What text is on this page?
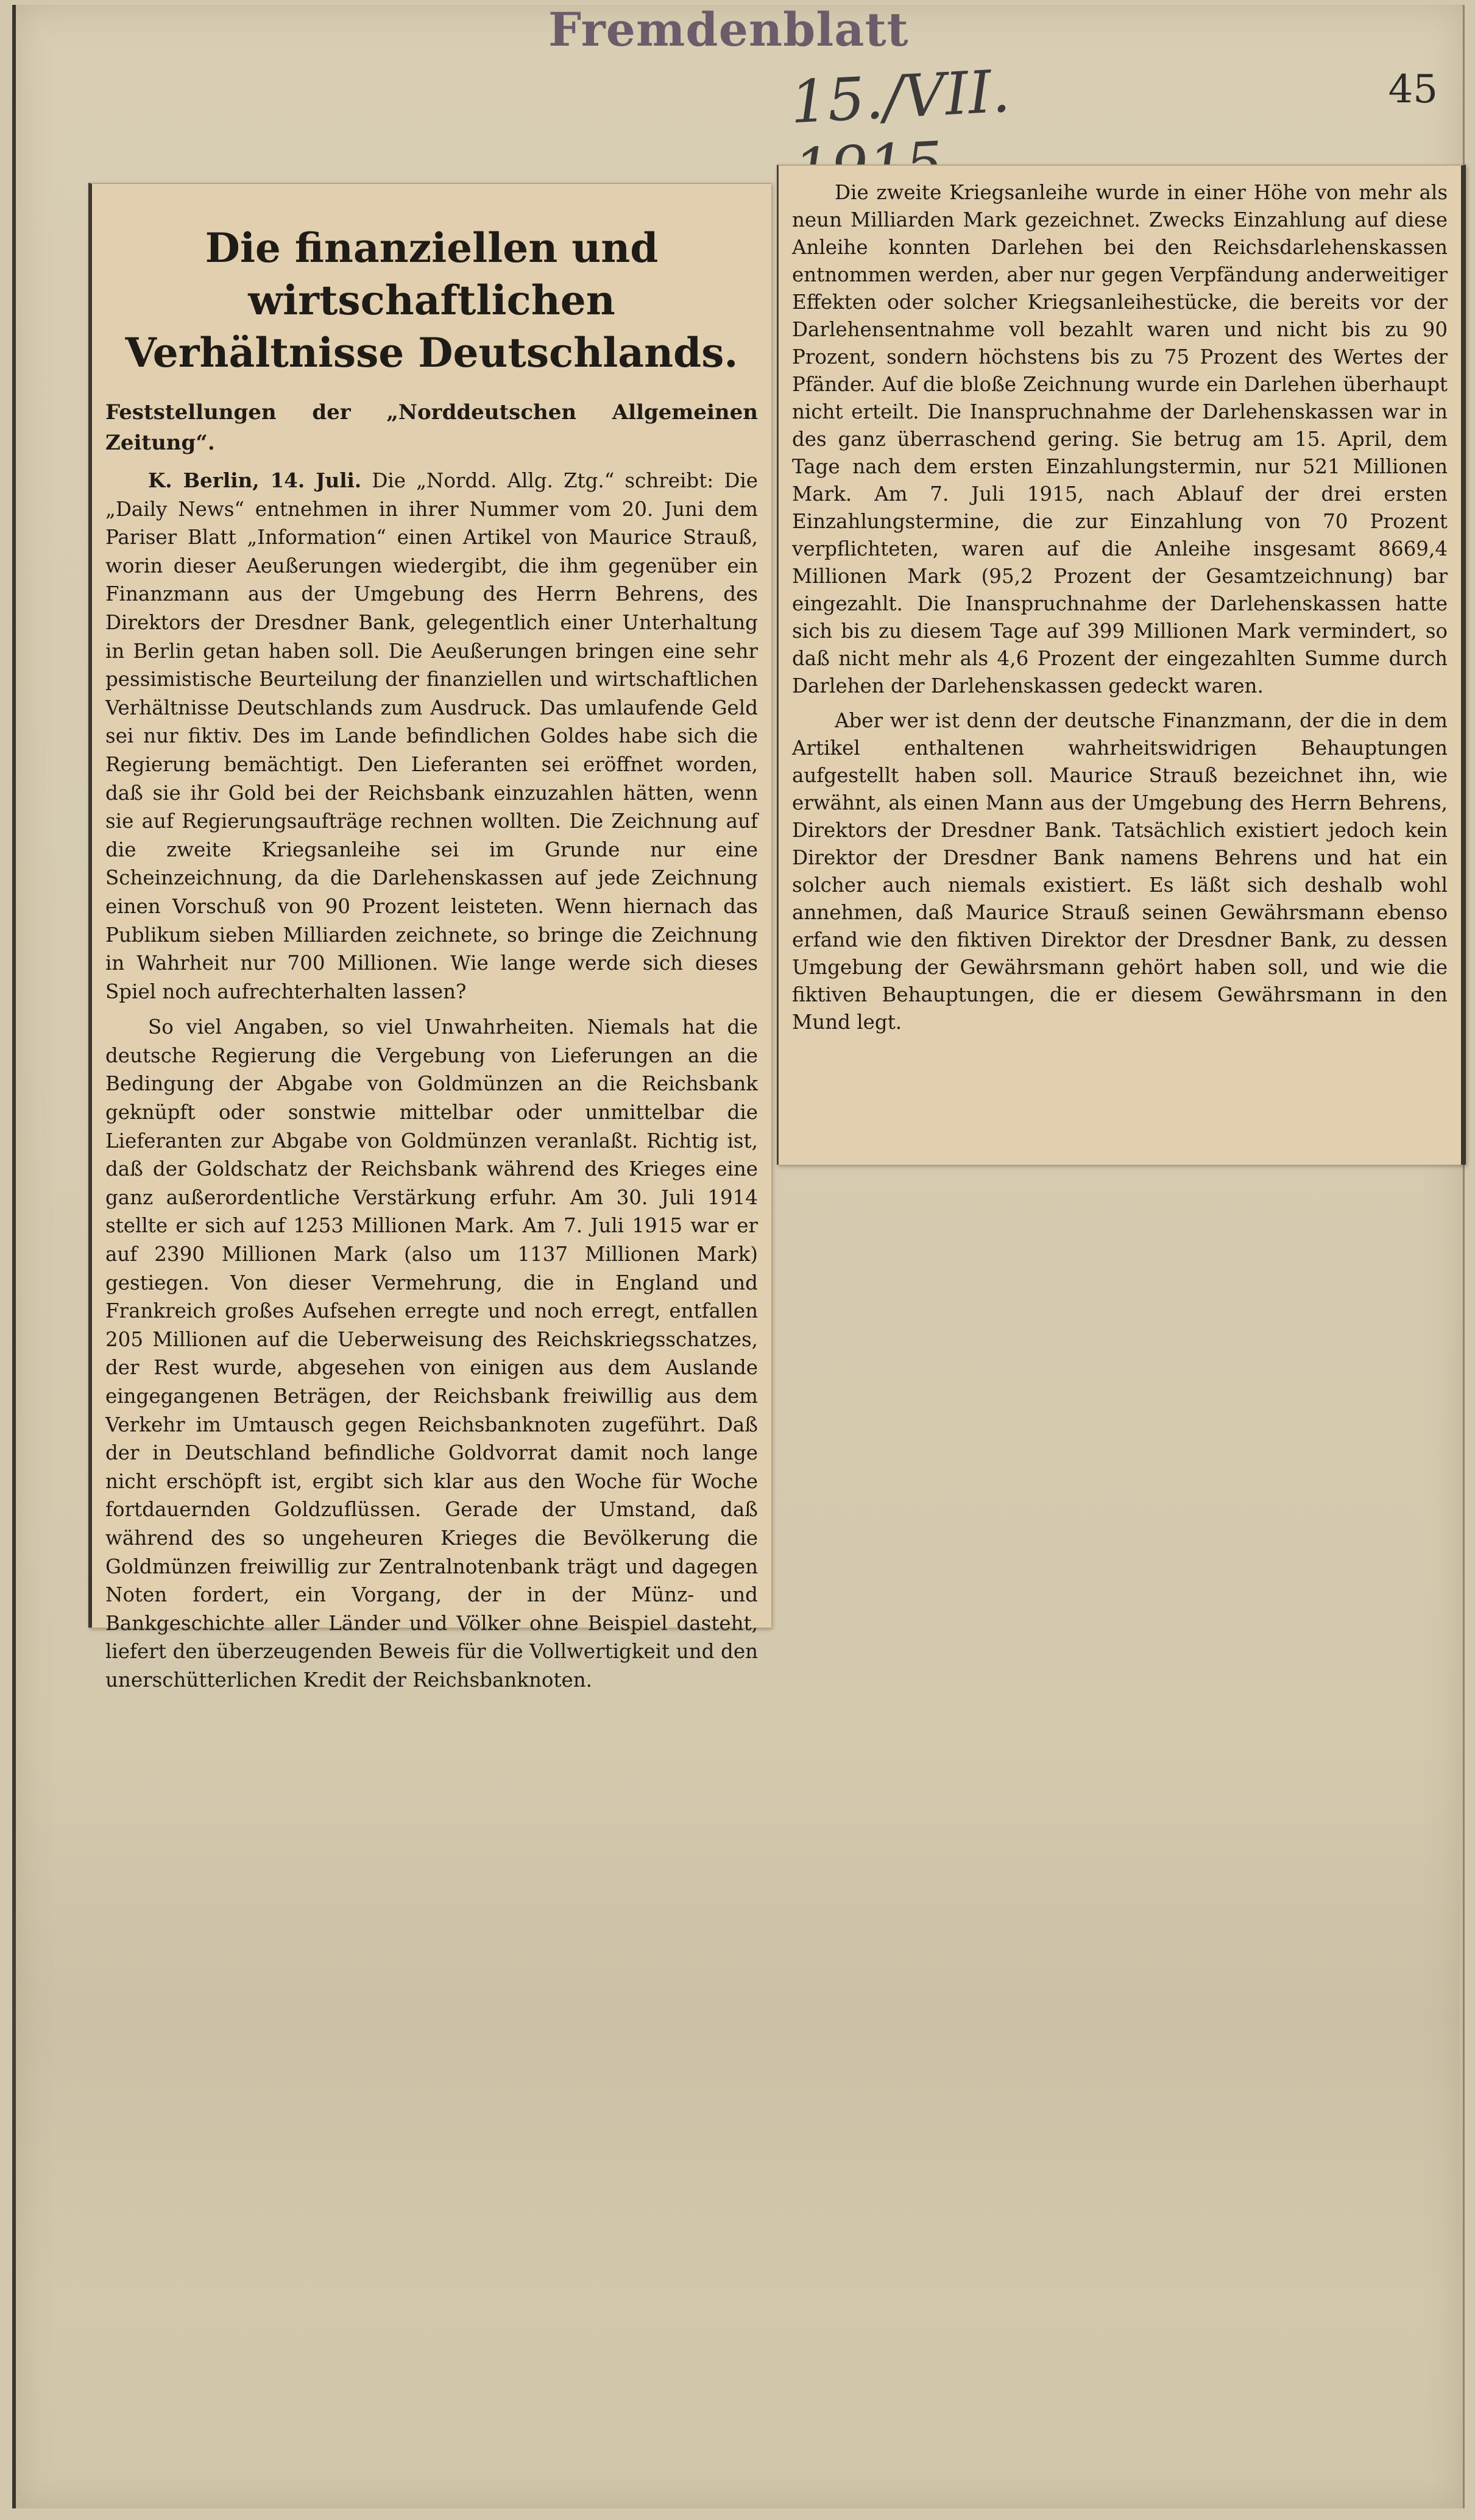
Fremdenblatt
15./VII.	45
Die finanziellen und wirtschaftlichen Verhältnisse Deutschlands.
Feststellungen der „Norddeutschen Allgemeinen Zeitung“.

K. Berlin, 14. Juli. Die „Nordd. Allg. Ztg.“ schreibt: Die „Daily News“ entnehmen in ihrer Nummer vom 20. Juni dem Pariser Blatt „Information“ einen Artikel von Maurice Strauß, worin dieser Aeußerungen wiedergibt, die ihm gegenüber ein Finanzmann aus der Umgebung des Herrn Behrens, des Direktors der Dresdner Bank, gelegentlich einer Unterhaltung in Berlin getan haben soll. Die Aeußerungen bringen eine sehr pessimistische Beurteilung der finanziellen und wirtschaftlichen Verhältnisse Deutschlands zum Ausdruck. Das umlaufende Geld sei nur fiktiv. Des im Lande befindlichen Goldes habe sich die Regierung bemächtigt. Den Lieferanten sei eröffnet worden, daß sie ihr Gold bei der Reichsbank einzuzahlen hätten, wenn sie auf Regierungsaufträge rechnen wollten. Die Zeichnung auf die zweite Kriegsanleihe sei im Grunde nur eine Scheinzeichnung, da die Darlehenskassen auf jede Zeichnung einen Vorschuß von 90 Prozent leisteten. Wenn hiernach das Publikum sieben Milliarden zeichnete, so bringe die Zeichnung in Wahrheit nur 700 Millionen. Wie lange werde sich dieses Spiel noch aufrechterhalten lassen?

So viel Angaben, so viel Unwahrheiten. Niemals hat die deutsche Regierung die Vergebung von Lieferungen an die Bedingung der Abgabe von Goldmünzen an die Reichsbank geknüpft oder sonstwie mittelbar oder unmittelbar die Lieferanten zur Abgabe von Goldmünzen veranlaßt. Richtig ist, daß der Goldschatz der Reichsbank während des Krieges eine ganz außerordentliche Verstärkung erfuhr. Am 30. Juli 1914 stellte er sich auf 1253 Millionen Mark. Am 7. Juli 1915 war er auf 2390 Millionen Mark (also um 1137 Millionen Mark) gestiegen. Von dieser Vermehrung, die in England und Frankreich großes Aufsehen erregte und noch erregt, entfallen 205 Millionen auf die Ueberweisung des Reichskriegsschatzes, der Rest wurde, abgesehen von einigen aus dem Auslande eingegangenen Beträgen, der Reichsbank freiwillig aus dem Verkehr im Umtausch gegen Reichsbanknoten zugeführt. Daß der in Deutschland befindliche Goldvorrat damit noch lange nicht erschöpft ist, ergibt sich klar aus den Woche für Woche fortdauernden Goldzuflüssen. Gerade der Umstand, daß während des so ungeheuren Krieges die Bevölkerung die Goldmünzen freiwillig zur Zentralnotenbank trägt und dagegen Noten fordert, ein Vorgang, der in der Münz- und Bankgeschichte aller Länder und Völker ohne Beispiel dasteht, liefert den überzeugenden Beweis für die Vollwertigkeit und den unerschütterlichen Kredit der Reichsbanknoten.

Die zweite Kriegsanleihe wurde in einer Höhe von mehr als neun Milliarden Mark gezeichnet. Zwecks Einzahlung auf diese Anleihe konnten Darlehen bei den Reichsdarlehenskassen entnommen werden, aber nur gegen Verpfändung anderweitiger Effekten oder solcher Kriegsanleihestücke, die bereits vor der Darlehensentnahme voll bezahlt waren und nicht bis zu 90 Prozent, sondern höchstens bis zu 75 Prozent des Wertes der Pfänder. Auf die bloße Zeichnung wurde ein Darlehen überhaupt nicht erteilt. Die Inanspruchnahme der Darlehenskassen war in des ganz überraschend gering. Sie betrug am 15. April, dem Tage nach dem ersten Einzahlungstermin, nur 521 Millionen Mark. Am 7. Juli 1915, nach Ablauf der drei ersten Einzahlungstermine, die zur Einzahlung von 70 Prozent verpflichteten, waren auf die Anleihe insgesamt 8669,4 Millionen Mark (95,2 Prozent der Gesamtzeichnung) bar eingezahlt. Die Inanspruchnahme der Darlehenskassen hatte sich bis zu diesem Tage auf 399 Millionen Mark vermindert, so daß nicht mehr als 4,6 Prozent der eingezahlten Summe durch Darlehen der Darlehenskassen gedeckt waren.

Aber wer ist denn der deutsche Finanzmann, der die in dem Artikel enthaltenen wahrheitswidrigen Behauptungen aufgestellt haben soll. Maurice Strauß bezeichnet ihn, wie erwähnt, als einen Mann aus der Umgebung des Herrn Behrens, Direktors der Dresdner Bank. Tatsächlich existiert jedoch kein Direktor der Dresdner Bank namens Behrens und hat ein solcher auch niemals existiert. Es läßt sich deshalb wohl annehmen, daß Maurice Strauß seinen Gewährsmann ebenso erfand wie den fiktiven Direktor der Dresdner Bank, zu dessen Umgebung der Gewährsmann gehört haben soll, und wie die fiktiven Behauptungen, die er diesem Gewährsmann in den Mund legt.
